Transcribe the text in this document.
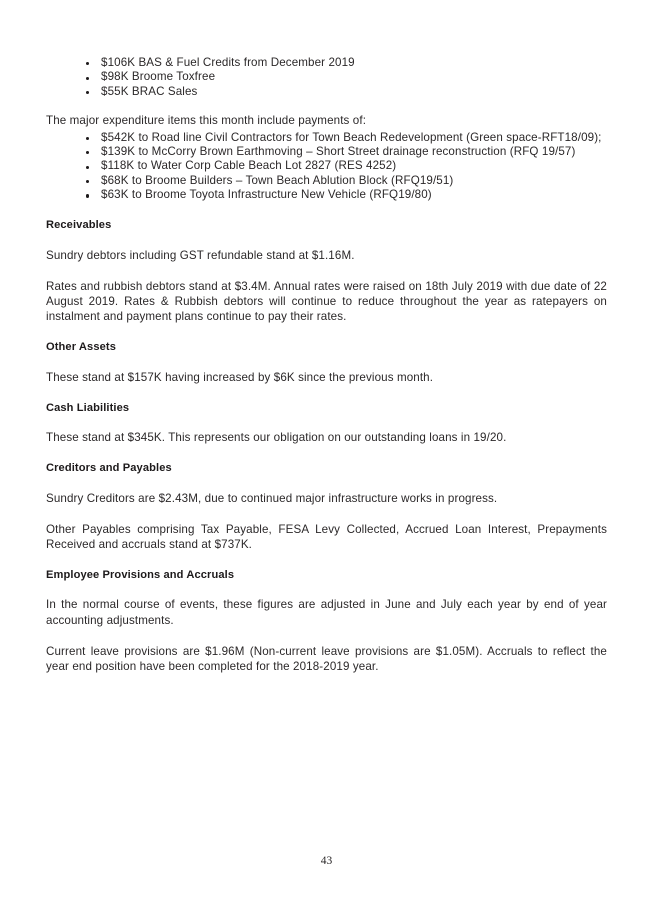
$106K BAS & Fuel Credits from December 2019
$98K Broome Toxfree
$55K BRAC Sales

The major expenditure items this month include payments of:

$542K to Road line Civil Contractors for Town Beach Redevelopment (Green space-RFT18/09);
$139K to McCorry Brown Earthmoving – Short Street drainage reconstruction (RFQ 19/57)
$118K to Water Corp Cable Beach Lot 2827 (RES 4252)
$68K to Broome Builders – Town Beach Ablution Block (RFQ19/51)
$63K to Broome Toyota Infrastructure New Vehicle (RFQ19/80)
Receivables

Sundry debtors including GST refundable stand at $1.16M.

Rates and rubbish debtors stand at $3.4M. Annual rates were raised on 18th July 2019 with due date of 22 August 2019. Rates & Rubbish debtors will continue to reduce throughout the year as ratepayers on instalment and payment plans continue to pay their rates.

Other Assets

These stand at $157K having increased by $6K since the previous month.

Cash Liabilities

These stand at $345K. This represents our obligation on our outstanding loans in 19/20.

Creditors and Payables

Sundry Creditors are $2.43M, due to continued major infrastructure works in progress.

Other Payables comprising Tax Payable, FESA Levy Collected, Accrued Loan Interest, Prepayments Received and accruals stand at $737K.

Employee Provisions and Accruals

In the normal course of events, these figures are adjusted in June and July each year by end of year accounting adjustments.

Current leave provisions are $1.96M (Non-current leave provisions are $1.05M). Accruals to reflect the year end position have been completed for the 2018-2019 year.

43
